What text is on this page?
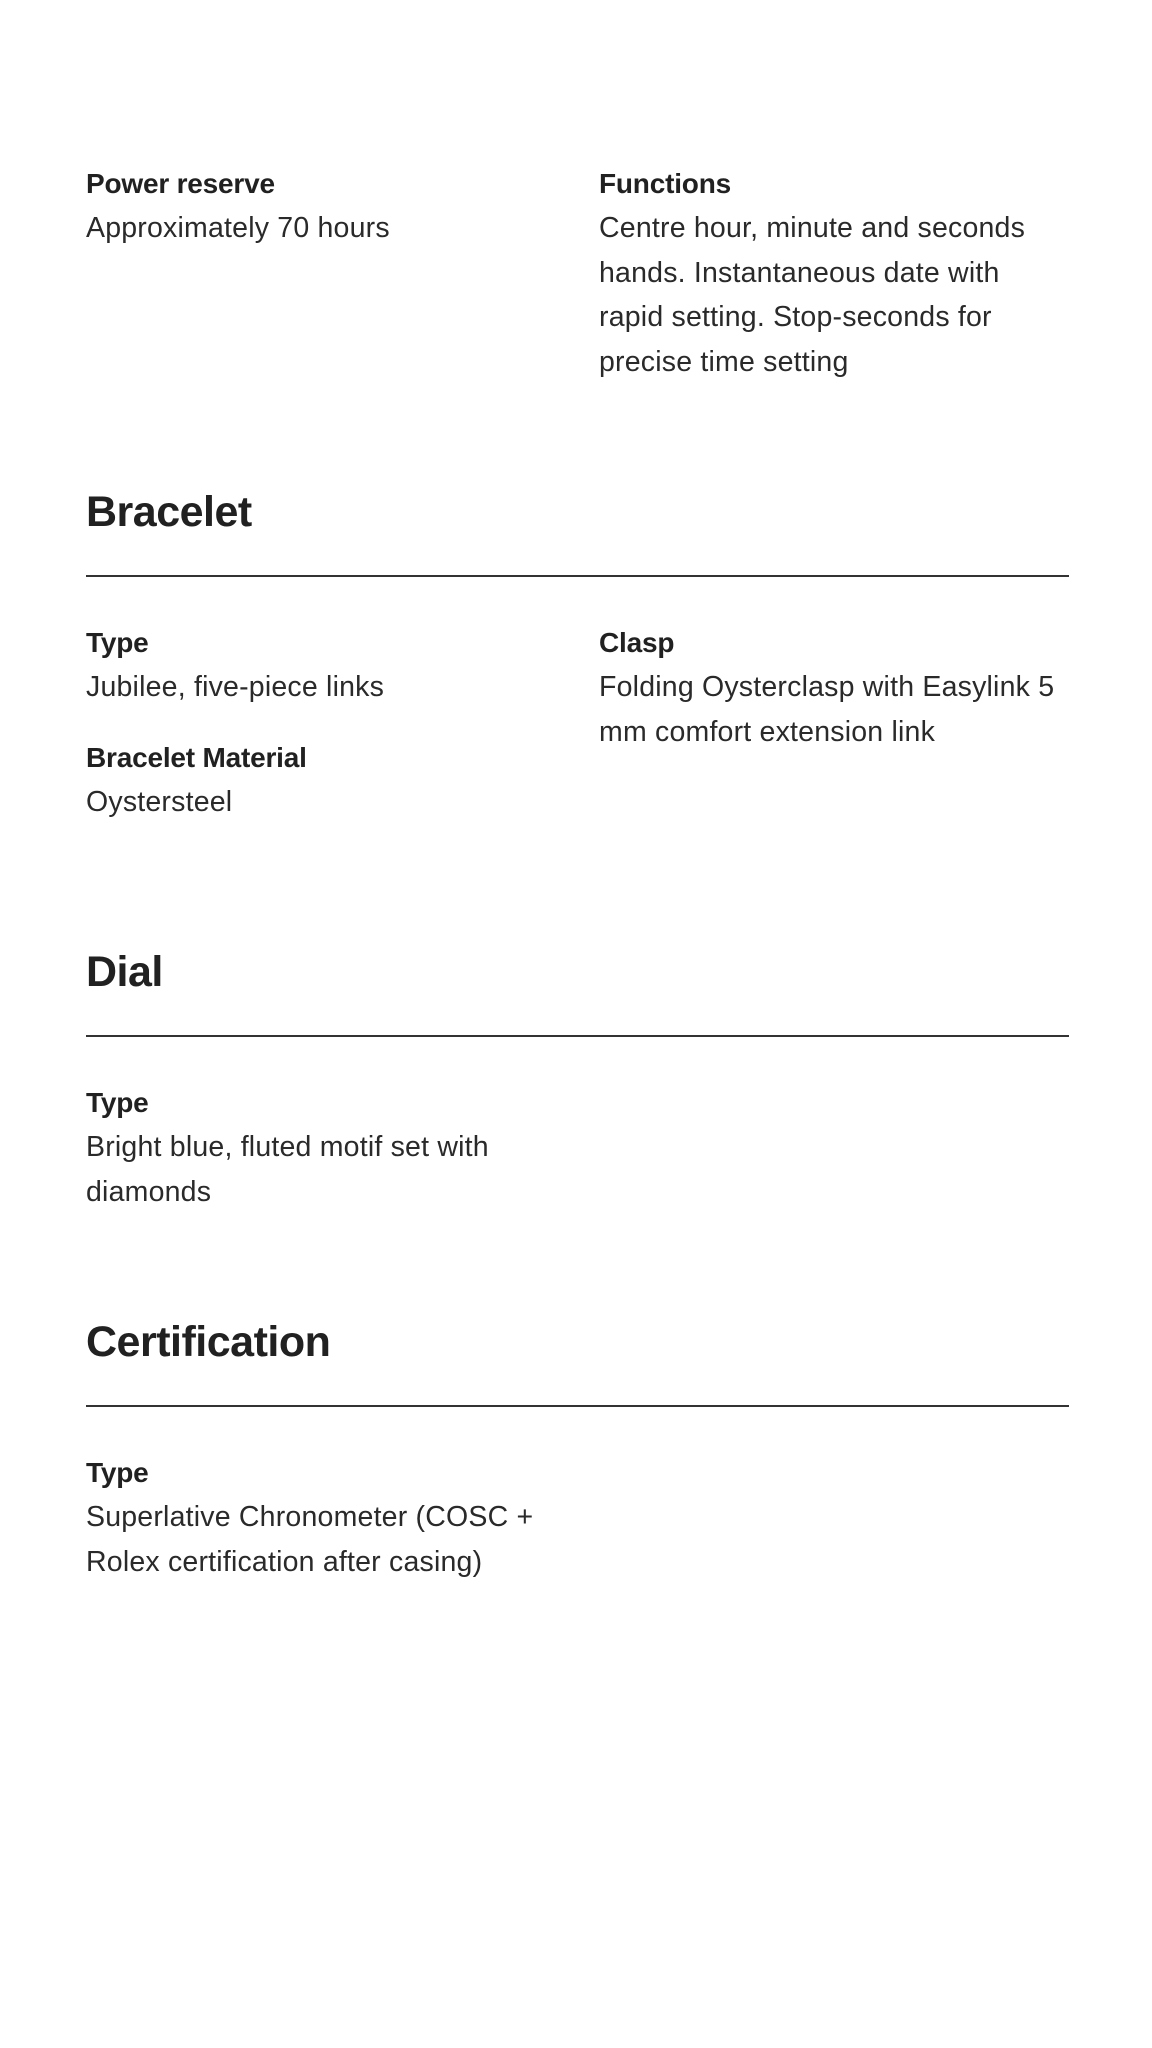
Power reserve

Approximately 70 hours

Functions

Centre hour, minute and seconds hands. Instantaneous date with rapid setting. Stop-seconds for precise time setting

Bracelet

Type

Jubilee, five-piece links

Bracelet Material

Oystersteel

Clasp

Folding Oysterclasp with Easylink 5 mm comfort extension link

Dial

Type

Bright blue, fluted motif set with diamonds

Certification

Type

Superlative Chronometer (COSC + Rolex certification after casing)
